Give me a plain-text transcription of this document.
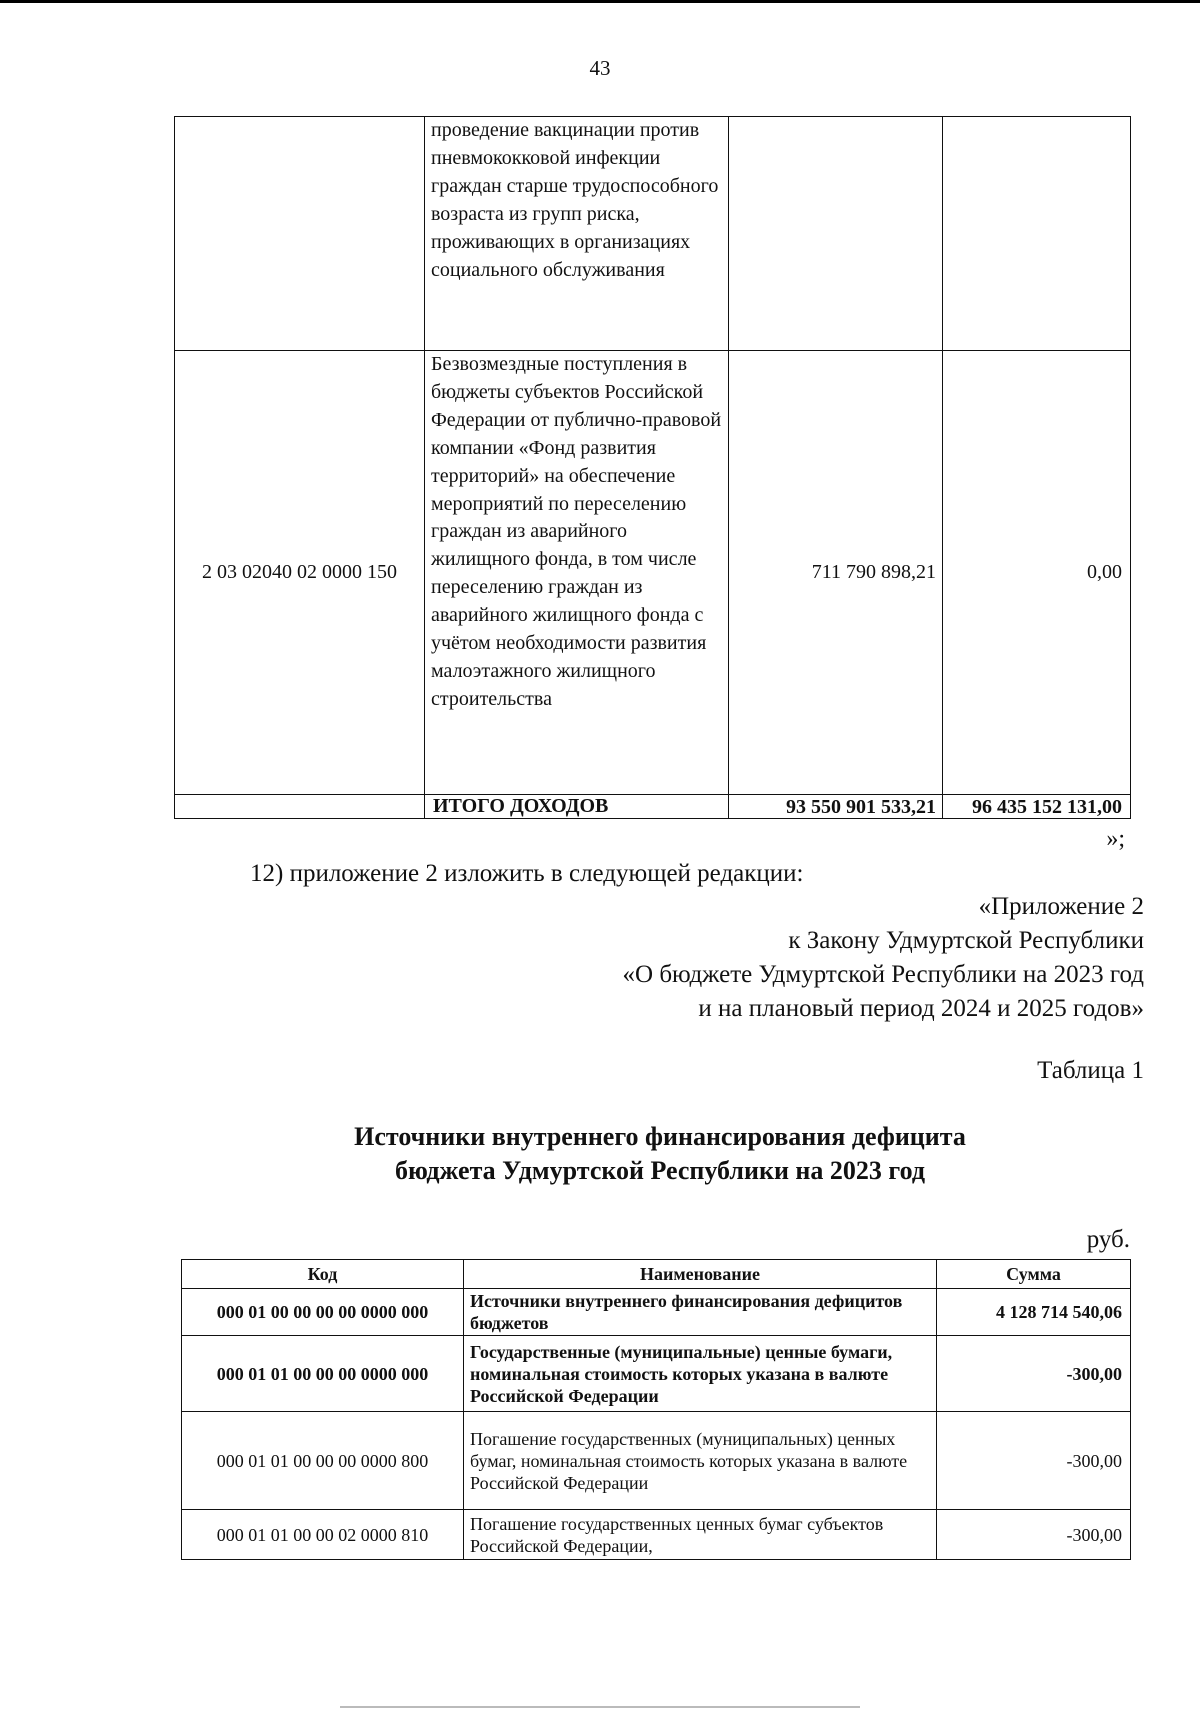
43
	проведение вакцинации против пневмококковой инфекции граждан старше трудоспособного возраста из групп риска, проживающих в организациях социального обслуживания		
2 03 02040 02 0000 150	Безвозмездные поступления в бюджеты субъектов Российской Федерации от публично-правовой компании «Фонд развития территорий» на обеспечение мероприятий по переселению граждан из аварийного жилищного фонда, в том числе переселению граждан из аварийного жилищного фонда с учётом необходимости развития малоэтажного жилищного строительства	711 790 898,21	0,00
	ИТОГО ДОХОДОВ	93 550 901 533,21	96 435 152 131,00
»;
12) приложение 2 изложить в следующей редакции:
«Приложение 2
к Закону Удмуртской Республики
«О бюджете Удмуртской Республики на 2023 год
и на плановый период 2024 и 2025 годов»
Таблица 1
Источники внутреннего финансирования дефицита
бюджета Удмуртской Республики на 2023 год
руб.
Код	Наименование	Сумма
000 01 00 00 00 00 0000 000	Источники внутреннего финансирования дефицитов бюджетов	4 128 714 540,06
000 01 01 00 00 00 0000 000	Государственные (муниципальные) ценные бумаги, номинальная стоимость которых указана в валюте Российской Федерации	-300,00
000 01 01 00 00 00 0000 800	Погашение государственных (муниципальных) ценных бумаг, номинальная стоимость которых указана в валюте Российской Федерации	-300,00
000 01 01 00 00 02 0000 810	Погашение государственных ценных бумаг субъектов Российской Федерации,	-300,00
